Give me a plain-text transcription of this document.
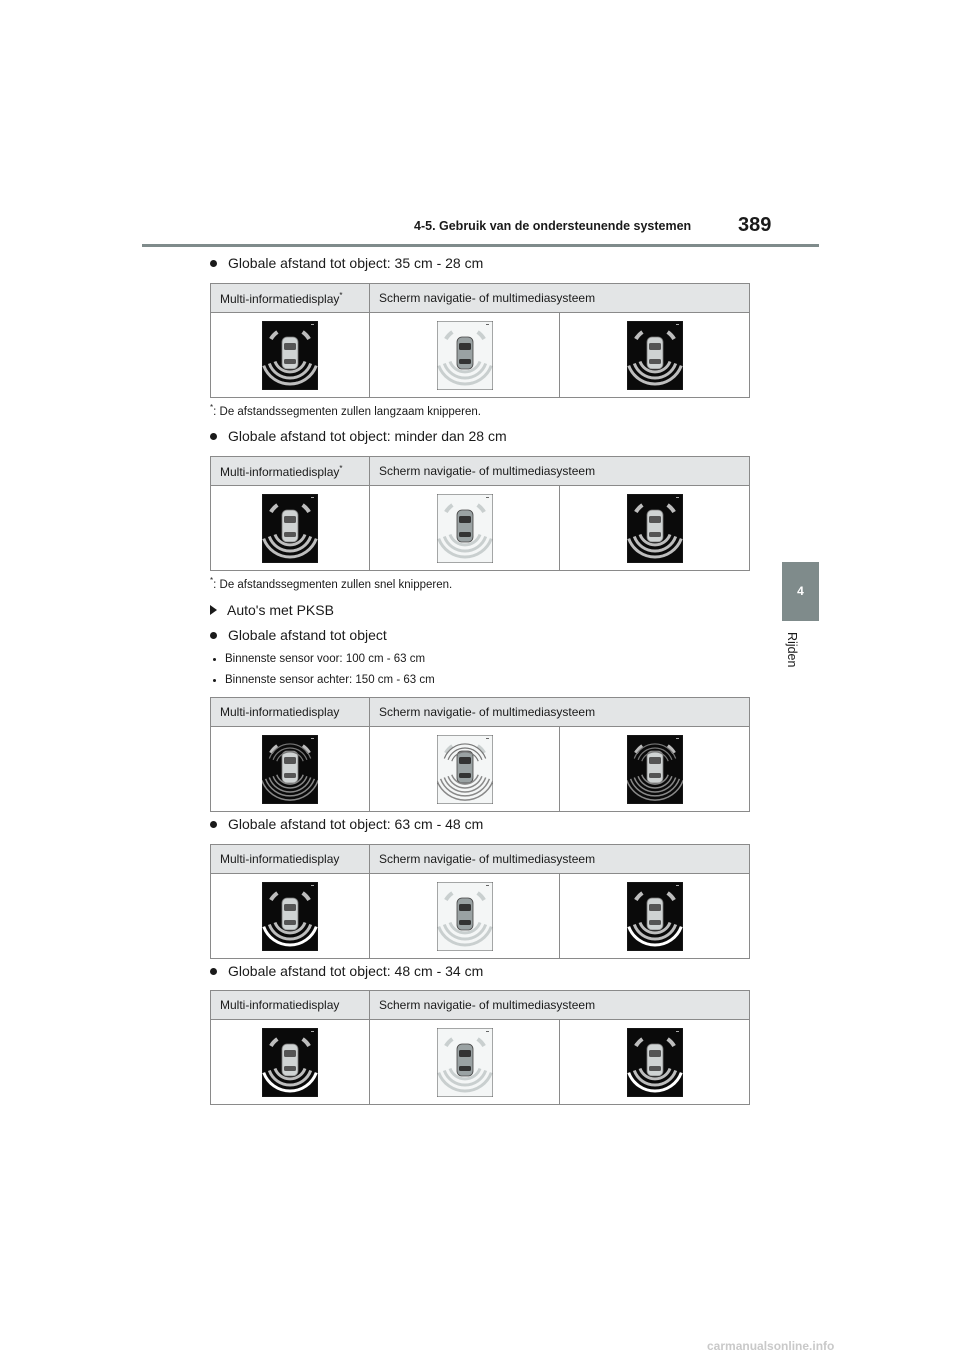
4-5. Gebruik van de ondersteunende systemen 389
4
Rijden
Globale afstand tot object: 35 cm - 28 cm
Multi-informatiedisplay*	Scherm navigatie- of multimediasysteem	

*: De afstandssegmenten zullen langzaam knipperen.
Globale afstand tot object: minder dan 28 cm
Multi-informatiedisplay*	Scherm navigatie- of multimediasysteem	

*: De afstandssegmenten zullen snel knipperen.
Auto's met PKSB
Globale afstand tot object
Binnenste sensor voor: 100 cm - 63 cm
Binnenste sensor achter: 150 cm - 63 cm
Multi-informatiedisplay	Scherm navigatie- of multimediasysteem	

Globale afstand tot object: 63 cm - 48 cm
Multi-informatiedisplay	Scherm navigatie- of multimediasysteem	

Globale afstand tot object: 48 cm - 34 cm
Multi-informatiedisplay	Scherm navigatie- of multimediasysteem	

carmanualsonline.info
